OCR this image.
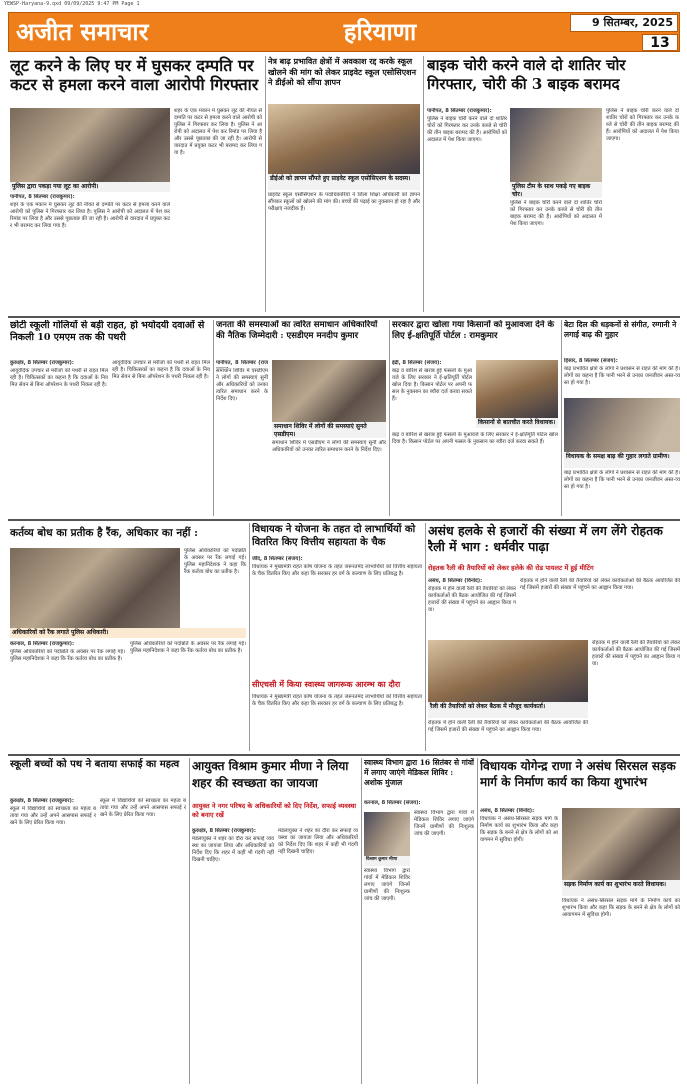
YEWSP-Haryana-9.qxd 09/09/2025 9:47 PM Page 1
अजीत समाचार	हरियाणा	9 सितम्बर, 2025
13
लूट करने के लिए घर में घुसकर दम्पति पर कटर से हमला करने वाला आरोपी गिरफ्तार
पुलिस द्वारा पकड़ा गया लूट का आरोपी।
पानीपत, 8 सितम्बर (राजकुमार):
शहर के एक मकान में घुसकर लूट की नीयत से दम्पति पर कटर से हमला करने वाले आरोपी को पुलिस ने गिरफ्तार कर लिया है। पुलिस ने आरोपी को अदालत में पेश कर रिमांड पर लिया है और उससे पूछताछ की जा रही है। आरोपी से वारदात में प्रयुक्त कटर भी बरामद कर लिया गया है।
शहर के एक मकान में घुसकर लूट की नीयत से दम्पति पर कटर से हमला करने वाले आरोपी को पुलिस ने गिरफ्तार कर लिया है। पुलिस ने आरोपी को अदालत में पेश कर रिमांड पर लिया है और उससे पूछताछ की जा रही है। आरोपी से वारदात में प्रयुक्त कटर भी बरामद कर लिया गया है।
नेत्र बाढ़ प्रभावित क्षेत्रों में अवकाश रद्द करके स्कूल खोलने की मांग को लेकर प्राइवेट स्कूल एसोसिएशन ने डीईओ को सौंपा ज्ञापन
डीईओ को ज्ञापन सौंपते हुए प्राइवेट स्कूल एसोसिएशन के सदस्य।
प्राइवेट स्कूल एसोसिएशन के पदाधिकारियों ने जिला शिक्षा अधिकारी को ज्ञापन सौंपकर स्कूलों को खोलने की मांग की। बच्चों की पढ़ाई का नुकसान हो रहा है और परीक्षाएं नजदीक हैं।
बाइक चोरी करने वाले दो शातिर चोर गिरफ्तार, चोरी की 3 बाइक बरामद
पानीपत, 8 सितम्बर (राजकुमार):
पुलिस ने बाइक चोरी करने वाले दो शातिर चोरों को गिरफ्तार कर उनके कब्जे से चोरी की तीन बाइक बरामद की हैं। आरोपियों को अदालत में पेश किया जाएगा।
पुलिस टीम के साथ पकड़े गए बाइक चोर।
पुलिस ने बाइक चोरी करने वाले दो शातिर चोरों को गिरफ्तार कर उनके कब्जे से चोरी की तीन बाइक बरामद की हैं। आरोपियों को अदालत में पेश किया जाएगा।
पुलिस ने बाइक चोरी करने वाले दो शातिर चोरों को गिरफ्तार कर उनके कब्जे से चोरी की तीन बाइक बरामद की हैं। आरोपियों को अदालत में पेश किया जाएगा।
छोटी स्कूली गोलियों से बड़ी राहत, हो भयोदयी दवाओं से निकली 10 एमएम तक की पथरी
कुरुक्षेत्र, 8 सितम्बर (राजकुमार):
आयुर्वेदिक उपचार से मरीजों को पथरी से राहत मिल रही है। चिकित्सकों का कहना है कि दवाओं के नियमित सेवन से बिना ऑपरेशन के पथरी निकल रही है।
आयुर्वेदिक उपचार से मरीजों को पथरी से राहत मिल रही है। चिकित्सकों का कहना है कि दवाओं के नियमित सेवन से बिना ऑपरेशन के पथरी निकल रही है।
जनता की समस्याओं का त्वरित समाधान अधिकारियों की नैतिक जिम्मेदारी : एसडीएम मनदीप कुमार
पानीपत, 8 सितम्बर (राज
समाधान शिविर में एसडीएम ने लोगों की समस्याएं सुनीं और अधिकारियों को उनका त्वरित समाधान करने के निर्देश दिए।
समाधान शिविर में लोगों की समस्याएं सुनते एसडीएम।
समाधान शिविर में एसडीएम ने लोगों की समस्याएं सुनीं और अधिकारियों को उनका त्वरित समाधान करने के निर्देश दिए।
सरकार द्वारा खोला गया किसानों को मुआवजा देने के लिए ई-क्षतिपूर्ति पोर्टल : रामकुमार
इंद्री, 8 सितम्बर (संजय):
बाढ़ व बारिश से खराब हुई फसलों के मुआवजे के लिए सरकार ने ई-क्षतिपूर्ति पोर्टल खोल दिया है। किसान पोर्टल पर अपनी फसल के नुकसान का ब्यौरा दर्ज करवा सकते हैं।
किसानों से बातचीत करते विधायक।
बाढ़ व बारिश से खराब हुई फसलों के मुआवजे के लिए सरकार ने ई-क्षतिपूर्ति पोर्टल खोल दिया है। किसान पोर्टल पर अपनी फसल के नुकसान का ब्यौरा दर्ज करवा सकते हैं।
बेटा दिल की धड़कनों से संगीत, रग्गानी ने लगाई बाढ़ की गुहार
हिसार, 8 सितम्बर (संजय):
बाढ़ प्रभावित क्षेत्रों के लोगों ने प्रशासन से राहत की मांग की है। लोगों का कहना है कि पानी भरने से उनका जनजीवन अस्त-व्यस्त हो गया है।
विधायक के समक्ष बाढ़ की गुहार लगाते ग्रामीण।
बाढ़ प्रभावित क्षेत्रों के लोगों ने प्रशासन से राहत की मांग की है। लोगों का कहना है कि पानी भरने से उनका जनजीवन अस्त-व्यस्त हो गया है।
कर्तव्य बोध का प्रतीक है रैंक, अधिकार का नहीं :
अधिकारियों को रैंक लगाते पुलिस अधिकारी।
करनाल, 8 सितम्बर (राजकुमार):
पुलिस अधिकारियों को पदोन्नति के अवसर पर रैंक लगाई गई। पुलिस महानिदेशक ने कहा कि रैंक कर्तव्य बोध का प्रतीक है।
पुलिस अधिकारियों को पदोन्नति के अवसर पर रैंक लगाई गई। पुलिस महानिदेशक ने कहा कि रैंक कर्तव्य बोध का प्रतीक है।
पुलिस अधिकारियों को पदोन्नति के अवसर पर रैंक लगाई गई। पुलिस महानिदेशक ने कहा कि रैंक कर्तव्य बोध का प्रतीक है।
विधायक ने योजना के तहत दो लाभार्थियों को वितरित किए वित्तीय सहायता के चैक
जींद, 8 सितम्बर (संजय):
विधायक ने मुख्यमंत्री राहत कोष योजना के तहत जरूरतमंद लाभार्थियों को वित्तीय सहायता के चैक वितरित किए और कहा कि सरकार हर वर्ग के कल्याण के लिए प्रतिबद्ध है।
सीएचसी में किया स्वास्थ्य जागरूक आरम्भ का दौरा
विधायक ने मुख्यमंत्री राहत कोष योजना के तहत जरूरतमंद लाभार्थियों को वित्तीय सहायता के चैक वितरित किए और कहा कि सरकार हर वर्ग के कल्याण के लिए प्रतिबद्ध है।
असंध हलके से हजारों की संख्या में लग लेंगे रोहतक रैली में भाग : धर्मवीर पाढ़ा
रोहतक रैली की तैयारियों को लेकर हलेके की रोड पायलट में हुई मीटिंग
असंध, 8 सितम्बर (विनोद):
रोहतक में होने वाली रैली की तैयारियों को लेकर कार्यकर्ताओं की बैठक आयोजित की गई जिसमें हजारों की संख्या में पहुंचने का आह्वान किया गया।
रोहतक में होने वाली रैली की तैयारियों को लेकर कार्यकर्ताओं की बैठक आयोजित की गई जिसमें हजारों की संख्या में पहुंचने का आह्वान किया गया।
रैली की तैयारियों को लेकर बैठक में मौजूद कार्यकर्ता।
रोहतक में होने वाली रैली की तैयारियों को लेकर कार्यकर्ताओं की बैठक आयोजित की गई जिसमें हजारों की संख्या में पहुंचने का आह्वान किया गया।
रोहतक में होने वाली रैली की तैयारियों को लेकर कार्यकर्ताओं की बैठक आयोजित की गई जिसमें हजारों की संख्या में पहुंचने का आह्वान किया गया।
स्कूली बच्चों को पथ ने बताया सफाई का महत्व
कुरुक्षेत्र, 8 सितम्बर (राजकुमार):
स्कूल में विद्यार्थियों को स्वच्छता का महत्व बताया गया और उन्हें अपने आसपास सफाई रखने के लिए प्रेरित किया गया।
स्कूल में विद्यार्थियों को स्वच्छता का महत्व बताया गया और उन्हें अपने आसपास सफाई रखने के लिए प्रेरित किया गया।
आयुक्त विश्राम कुमार मीणा ने लिया शहर की स्वच्छता का जायजा
आयुक्त ने नगर परिषद के अधिकारियों को दिए निर्देश, सफाई व्यवस्था को बनाए रखें
कुरुक्षेत्र, 8 सितम्बर (राजकुमार):
मंडलायुक्त ने शहर का दौरा कर सफाई व्यवस्था का जायजा लिया और अधिकारियों को निर्देश दिए कि शहर में कहीं भी गंदगी नहीं दिखनी चाहिए।
मंडलायुक्त ने शहर का दौरा कर सफाई व्यवस्था का जायजा लिया और अधिकारियों को निर्देश दिए कि शहर में कहीं भी गंदगी नहीं दिखनी चाहिए।
स्वास्थ्य विभाग द्वारा 16 सितंबर से गांवों में लगाए जाएंगे मेडिकल शिविर : अशोक मुंजाल
करनाल, 8 सितम्बर (संजय):
विश्राम कुमार मीणा
स्वास्थ्य विभाग द्वारा गांवों में मेडिकल शिविर लगाए जाएंगे जिनमें ग्रामीणों की निःशुल्क जांच की जाएगी।
स्वास्थ्य विभाग द्वारा गांवों में मेडिकल शिविर लगाए जाएंगे जिनमें ग्रामीणों की निःशुल्क जांच की जाएगी।
विधायक योगेन्द्र राणा ने असंध सिरसल सड़क मार्ग के निर्माण कार्य का किया शुभारंभ
असंध, 8 सितम्बर (विनोद):
विधायक ने असंध-सिरसल सड़क मार्ग के निर्माण कार्य का शुभारंभ किया और कहा कि सड़क के बनने से क्षेत्र के लोगों को आवागमन में सुविधा होगी।
सड़क निर्माण कार्य का शुभारंभ करते विधायक।
विधायक ने असंध-सिरसल सड़क मार्ग के निर्माण कार्य का शुभारंभ किया और कहा कि सड़क के बनने से क्षेत्र के लोगों को आवागमन में सुविधा होगी।
